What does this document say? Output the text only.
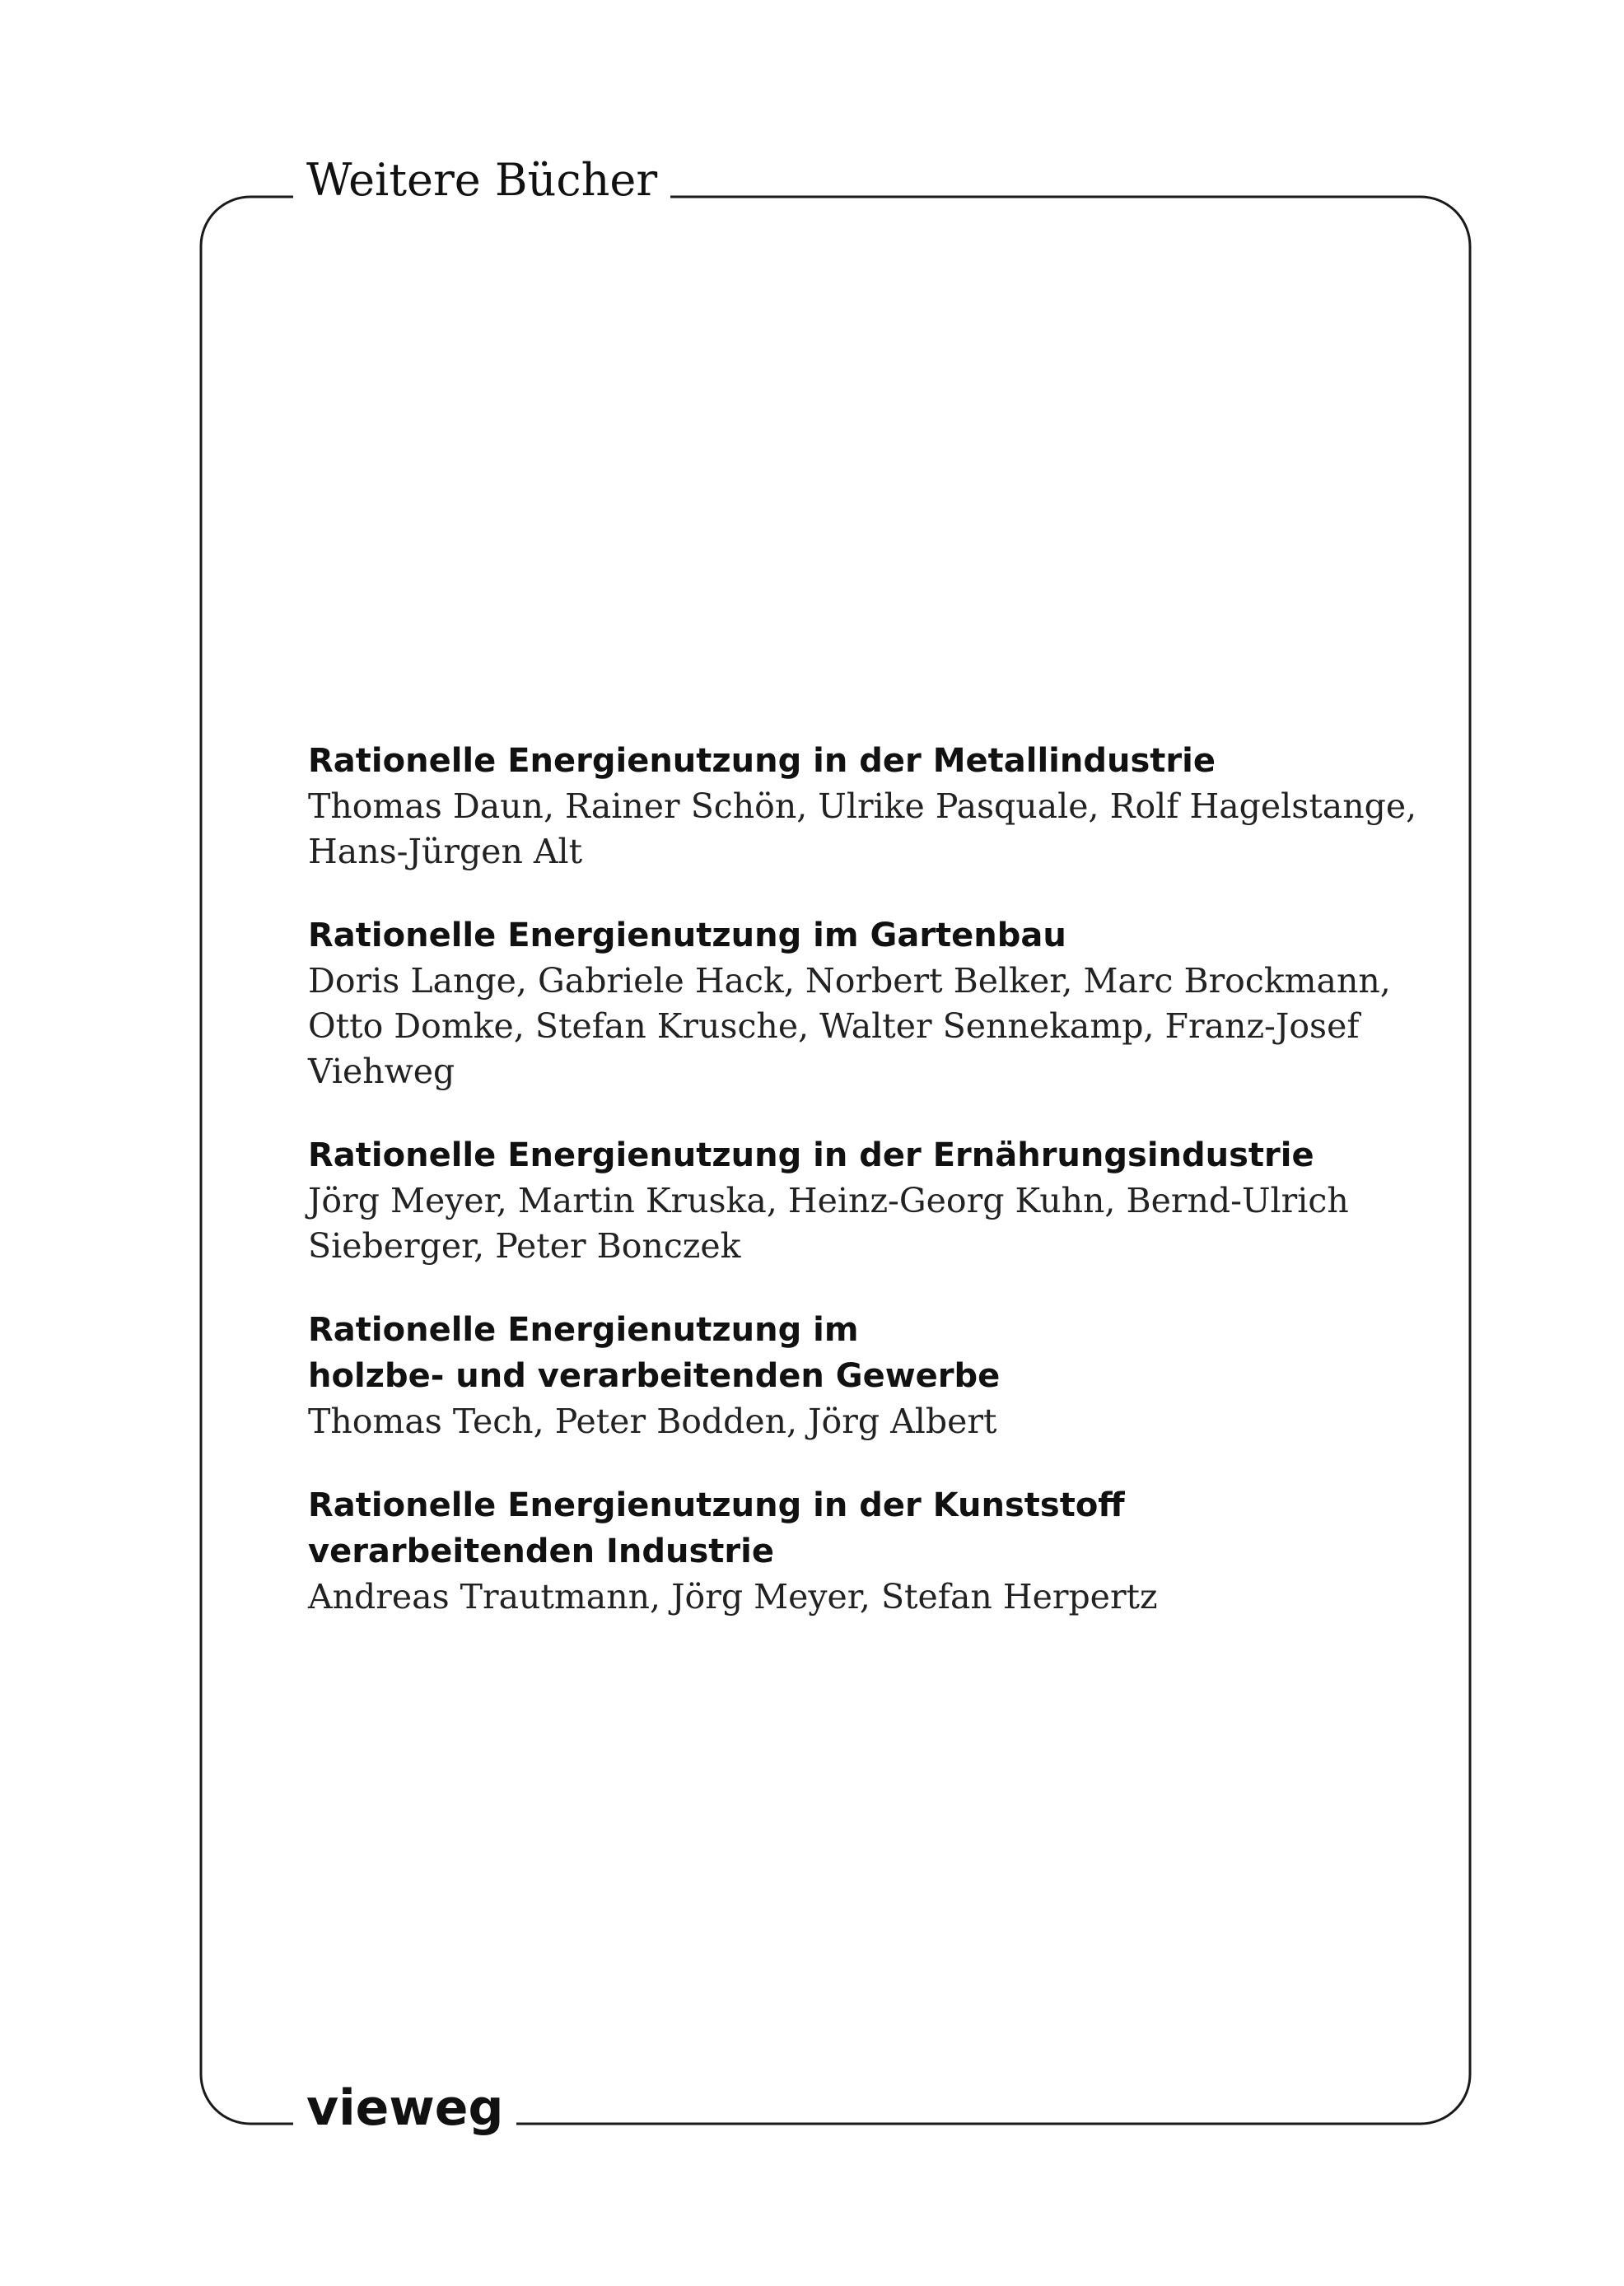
Weitere Bücher
Rationelle Energienutzung in der Metallindustrie
Thomas Daun, Rainer Schön, Ulrike Pasquale, Rolf Hagelstange,
Hans-Jürgen Alt
Rationelle Energienutzung im Gartenbau
Doris Lange, Gabriele Hack, Norbert Belker, Marc Brockmann,
Otto Domke, Stefan Krusche, Walter Sennekamp, Franz-Josef
Viehweg
Rationelle Energienutzung in der Ernährungsindustrie
Jörg Meyer, Martin Kruska, Heinz-Georg Kuhn, Bernd-Ulrich
Sieberger, Peter Bonczek
Rationelle Energienutzung im
holzbe- und verarbeitenden Gewerbe
Thomas Tech, Peter Bodden, Jörg Albert
Rationelle Energienutzung in der Kunststoff
verarbeitenden Industrie
Andreas Trautmann, Jörg Meyer, Stefan Herpertz
vieweg
